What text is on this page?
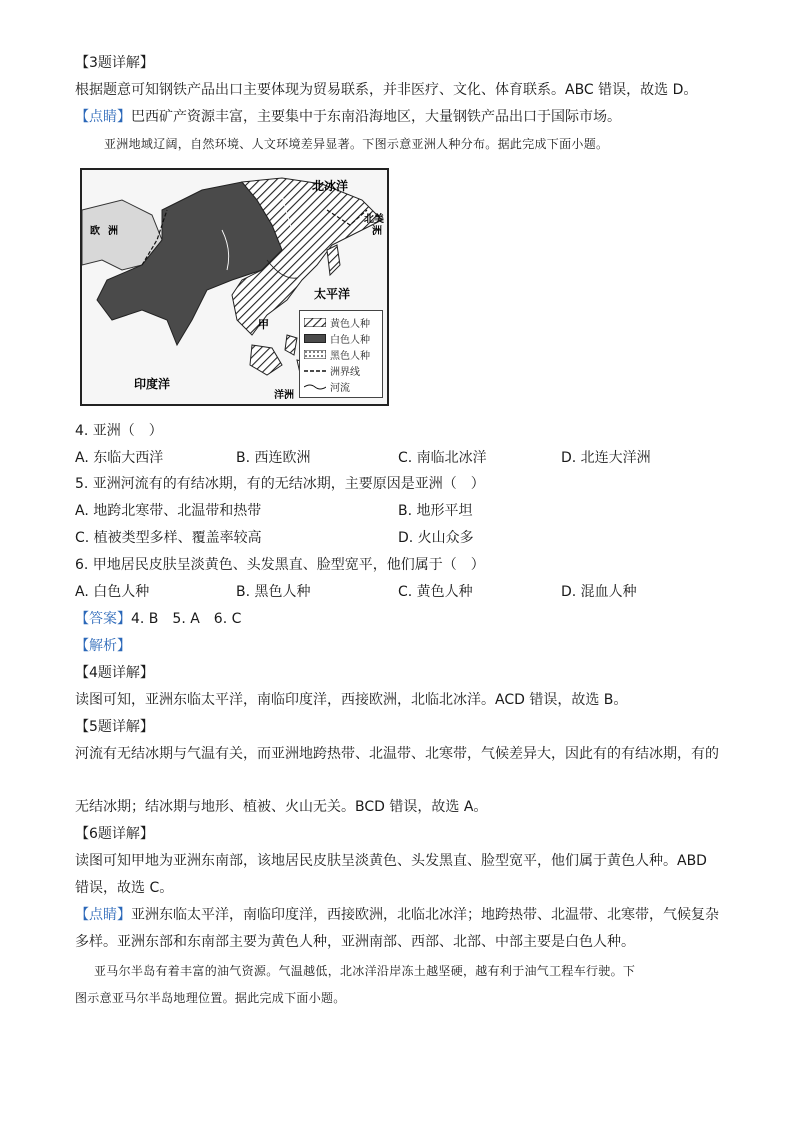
【3题详解】
根据题意可知钢铁产品出口主要体现为贸易联系，并非医疗、文化、体育联系。ABC 错误，故选 D。
【点睛】巴西矿产资源丰富，主要集中于东南沿海地区，大量钢铁产品出口于国际市场。
亚洲地域辽阔，自然环境、人文环境差异显著。下图示意亚洲人种分布。据此完成下面小题。
北冰洋
北美
洲
欧 洲
太平洋
印度洋
甲
洋洲
黄色人种
白色人种
黑色人种
洲界线
河流
4. 亚洲（　）
A. 东临大西洋	B. 西连欧洲	C. 南临北冰洋	D. 北连大洋洲
5. 亚洲河流有的有结冰期，有的无结冰期，主要原因是亚洲（　）
A. 地跨北寒带、北温带和热带	B. 地形平坦
C. 植被类型多样、覆盖率较高	D. 火山众多
6. 甲地居民皮肤呈淡黄色、头发黑直、脸型宽平，他们属于（　）
A. 白色人种	B. 黑色人种	C. 黄色人种	D. 混血人种
【答案】4. B　5. A　6. C
【解析】
【4题详解】
读图可知，亚洲东临太平洋，南临印度洋，西接欧洲，北临北冰洋。ACD 错误，故选 B。
【5题详解】
河流有无结冰期与气温有关，而亚洲地跨热带、北温带、北寒带，气候差异大，因此有的有结冰期，有的
无结冰期；结冰期与地形、植被、火山无关。BCD 错误，故选 A。
【6题详解】
读图可知甲地为亚洲东南部，该地居民皮肤呈淡黄色、头发黑直、脸型宽平，他们属于黄色人种。ABD
错误，故选 C。
【点睛】亚洲东临太平洋，南临印度洋，西接欧洲，北临北冰洋；地跨热带、北温带、北寒带，气候复杂
多样。亚洲东部和东南部主要为黄色人种，亚洲南部、西部、北部、中部主要是白色人种。
亚马尔半岛有着丰富的油气资源。气温越低，北冰洋沿岸冻土越坚硬，越有利于油气工程车行驶。下
图示意亚马尔半岛地理位置。据此完成下面小题。
